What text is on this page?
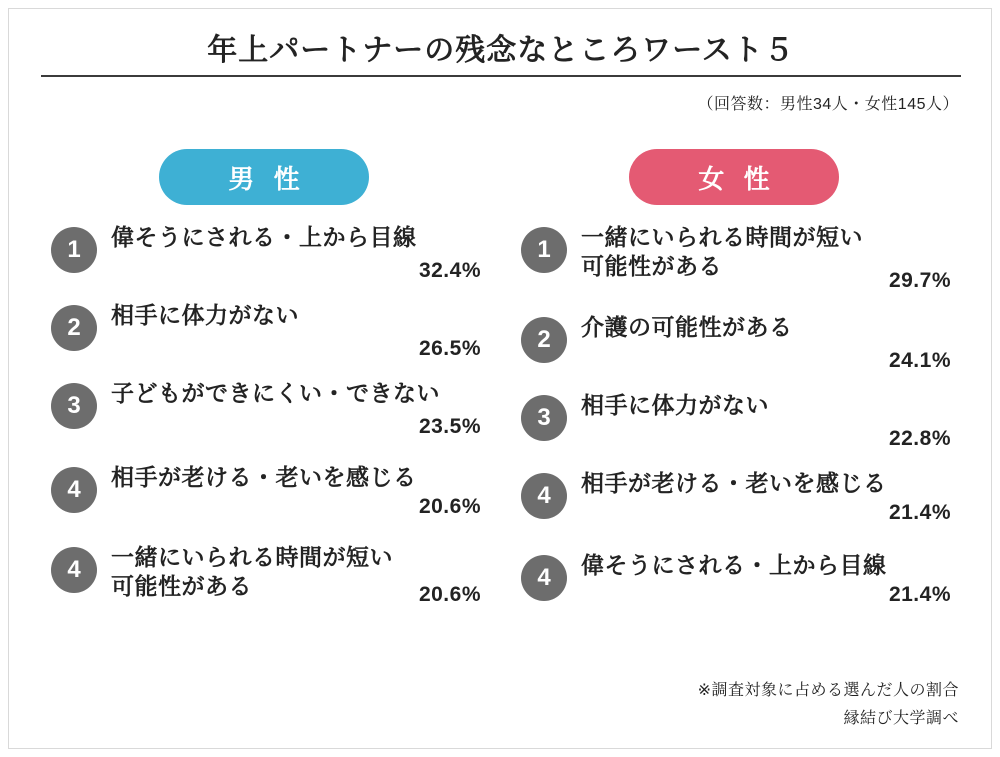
年上パートナーの残念なところワースト５
（回答数：男性34人・女性145人）
男 性
1	偉そうにされる・上から目線
32.4%
2	相手に体力がない
26.5%
3	子どもができにくい・できない
23.5%
4	相手が老ける・老いを感じる
20.6%
4	一緒にいられる時間が短い可能性がある	20.6%
女 性
1	一緒にいられる時間が短い可能性がある
29.7%
2	介護の可能性がある
24.1%
3	相手に体力がない
22.8%
4	相手が老ける・老いを感じる
21.4%
4	偉そうにされる・上から目線
21.4%
※調査対象に占める選んだ人の割合
縁結び大学調べ
